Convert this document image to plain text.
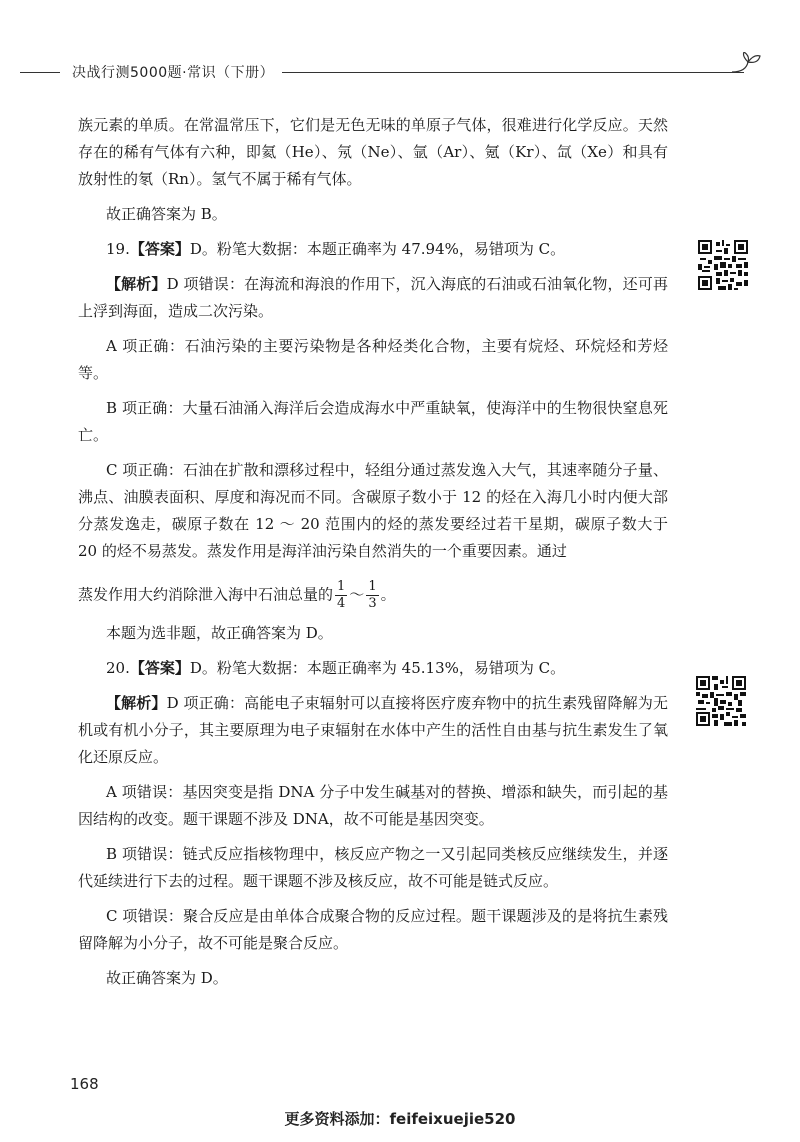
决战行测5000题·常识（下册）

族元素的单质。在常温常压下，它们是无色无味的单原子气体，很难进行化学反应。天然存在的稀有气体有六种，即氦（He）、氖（Ne）、氩（Ar）、氪（Kr）、氙（Xe）和具有放射性的氡（Rn）。氢气不属于稀有气体。

故正确答案为 B。

19.【答案】D。粉笔大数据：本题正确率为 47.94%，易错项为 C。

【解析】D 项错误：在海流和海浪的作用下，沉入海底的石油或石油氧化物，还可再上浮到海面，造成二次污染。

A 项正确：石油污染的主要污染物是各种烃类化合物，主要有烷烃、环烷烃和芳烃等。

B 项正确：大量石油涌入海洋后会造成海水中严重缺氧，使海洋中的生物很快窒息死亡。

C 项正确：石油在扩散和漂移过程中，轻组分通过蒸发逸入大气，其速率随分子量、沸点、油膜表面积、厚度和海况而不同。含碳原子数小于 12 的烃在入海几小时内便大部分蒸发逸走，碳原子数在 12 ～ 20 范围内的烃的蒸发要经过若干星期，碳原子数大于 20 的烃不易蒸发。蒸发作用是海洋油污染自然消失的一个重要因素。通过

蒸发作用大约消除泄入海中石油总量的 $\frac{1}{4}$ ～ $\frac{1}{3}$ 。

本题为选非题，故正确答案为 D。

20.【答案】D。粉笔大数据：本题正确率为 45.13%，易错项为 C。

【解析】D 项正确：高能电子束辐射可以直接将医疗废弃物中的抗生素残留降解为无机或有机小分子，其主要原理为电子束辐射在水体中产生的活性自由基与抗生素发生了氧化还原反应。

A 项错误：基因突变是指 DNA 分子中发生碱基对的替换、增添和缺失，而引起的基因结构的改变。题干课题不涉及 DNA，故不可能是基因突变。

B 项错误：链式反应指核物理中，核反应产物之一又引起同类核反应继续发生，并逐代延续进行下去的过程。题干课题不涉及核反应，故不可能是链式反应。

C 项错误：聚合反应是由单体合成聚合物的反应过程。题干课题涉及的是将抗生素残留降解为小分子，故不可能是聚合反应。

故正确答案为 D。

168
更多资料添加：feifeixuejie520
